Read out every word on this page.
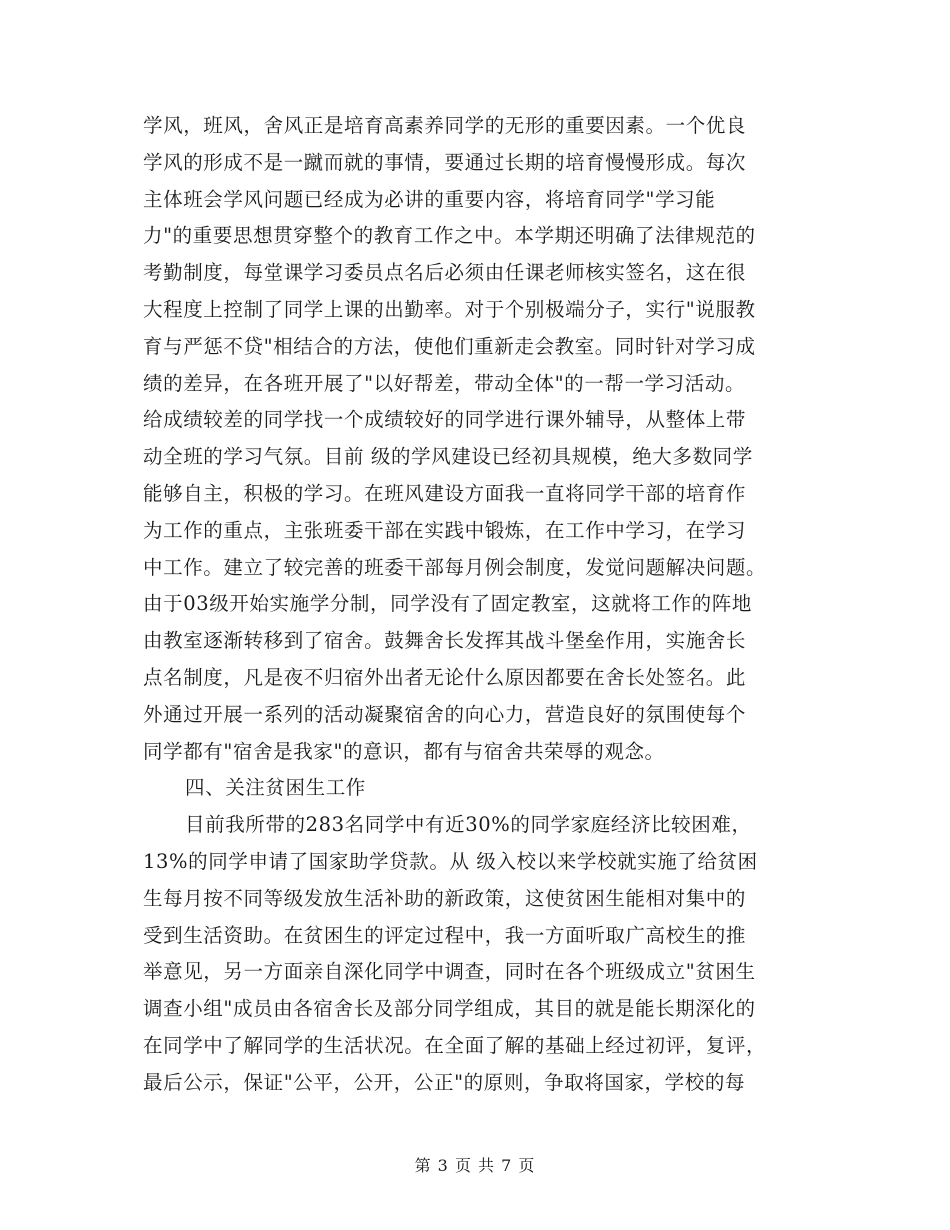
学风，班风，舍风正是培育高素养同学的无形的重要因素。一个优良
学风的形成不是一蹴而就的事情，要通过长期的培育慢慢形成。每次
主体班会学风问题已经成为必讲的重要内容，将培育同学"学习能
力"的重要思想贯穿整个的教育工作之中。本学期还明确了法律规范的
考勤制度，每堂课学习委员点名后必须由任课老师核实签名，这在很
大程度上控制了同学上课的出勤率。对于个别极端分子，实行"说服教
育与严惩不贷"相结合的方法，使他们重新走会教室。同时针对学习成
绩的差异，在各班开展了"以好帮差，带动全体"的一帮一学习活动。
给成绩较差的同学找一个成绩较好的同学进行课外辅导，从整体上带
动全班的学习气氛。目前 级的学风建设已经初具规模，绝大多数同学
能够自主，积极的学习。在班风建设方面我一直将同学干部的培育作
为工作的重点，主张班委干部在实践中锻炼，在工作中学习，在学习
中工作。建立了较完善的班委干部每月例会制度，发觉问题解决问题。
由于03级开始实施学分制，同学没有了固定教室，这就将工作的阵地
由教室逐渐转移到了宿舍。鼓舞舍长发挥其战斗堡垒作用，实施舍长
点名制度，凡是夜不归宿外出者无论什么原因都要在舍长处签名。此
外通过开展一系列的活动凝聚宿舍的向心力，营造良好的氛围使每个
同学都有"宿舍是我家"的意识，都有与宿舍共荣辱的观念。
四、关注贫困生工作
目前我所带的283名同学中有近30%的同学家庭经济比较困难，
13%的同学申请了国家助学贷款。从 级入校以来学校就实施了给贫困
生每月按不同等级发放生活补助的新政策，这使贫困生能相对集中的
受到生活资助。在贫困生的评定过程中，我一方面听取广高校生的推
举意见，另一方面亲自深化同学中调查，同时在各个班级成立"贫困生
调查小组"成员由各宿舍长及部分同学组成，其目的就是能长期深化的
在同学中了解同学的生活状况。在全面了解的基础上经过初评，复评，
最后公示，保证"公平，公开，公正"的原则，争取将国家，学校的每
第 3 页 共 7 页
